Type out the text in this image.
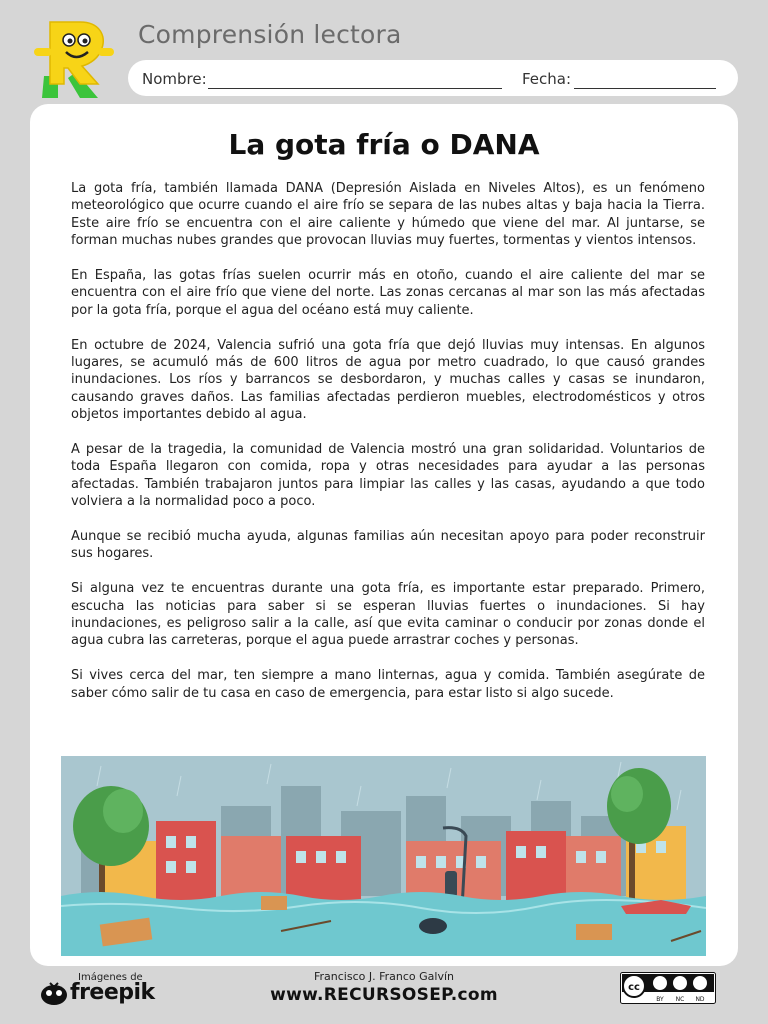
Comprensión lectora
Nombre:	Fecha:
La gota fría o DANA

La gota fría, también llamada DANA (Depresión Aislada en Niveles Altos), es un fenómeno meteorológico que ocurre cuando el aire frío se separa de las nubes altas y baja hacia la Tierra. Este aire frío se encuentra con el aire caliente y húmedo que viene del mar. Al juntarse, se forman muchas nubes grandes que provocan lluvias muy fuertes, tormentas y vientos intensos.

En España, las gotas frías suelen ocurrir más en otoño, cuando el aire caliente del mar se encuentra con el aire frío que viene del norte. Las zonas cercanas al mar son las más afectadas por la gota fría, porque el agua del océano está muy caliente.

En octubre de 2024, Valencia sufrió una gota fría que dejó lluvias muy intensas. En algunos lugares, se acumuló más de 600 litros de agua por metro cuadrado, lo que causó grandes inundaciones. Los ríos y barrancos se desbordaron, y muchas calles y casas se inundaron, causando graves daños. Las familias afectadas perdieron muebles, electrodomésticos y otros objetos importantes debido al agua.

A pesar de la tragedia, la comunidad de Valencia mostró una gran solidaridad. Voluntarios de toda España llegaron con comida, ropa y otras necesidades para ayudar a las personas afectadas. También trabajaron juntos para limpiar las calles y las casas, ayudando a que todo volviera a la normalidad poco a poco.

Aunque se recibió mucha ayuda, algunas familias aún necesitan apoyo para poder reconstruir sus hogares.

Si alguna vez te encuentras durante una gota fría, es importante estar preparado. Primero, escucha las noticias para saber si se esperan lluvias fuertes o inundaciones. Si hay inundaciones, es peligroso salir a la calle, así que evita caminar o conducir por zonas donde el agua cubra las carreteras, porque el agua puede arrastrar coches y personas.

Si vives cerca del mar, ten siempre a mano linternas, agua y comida. También asegúrate de saber cómo salir de tu casa en caso de emergencia, para estar listo si algo sucede.

Imágenes de
freepik
Francisco J. Franco Galvín
www.RECURSOSEP.com	cc
BY NC ND
